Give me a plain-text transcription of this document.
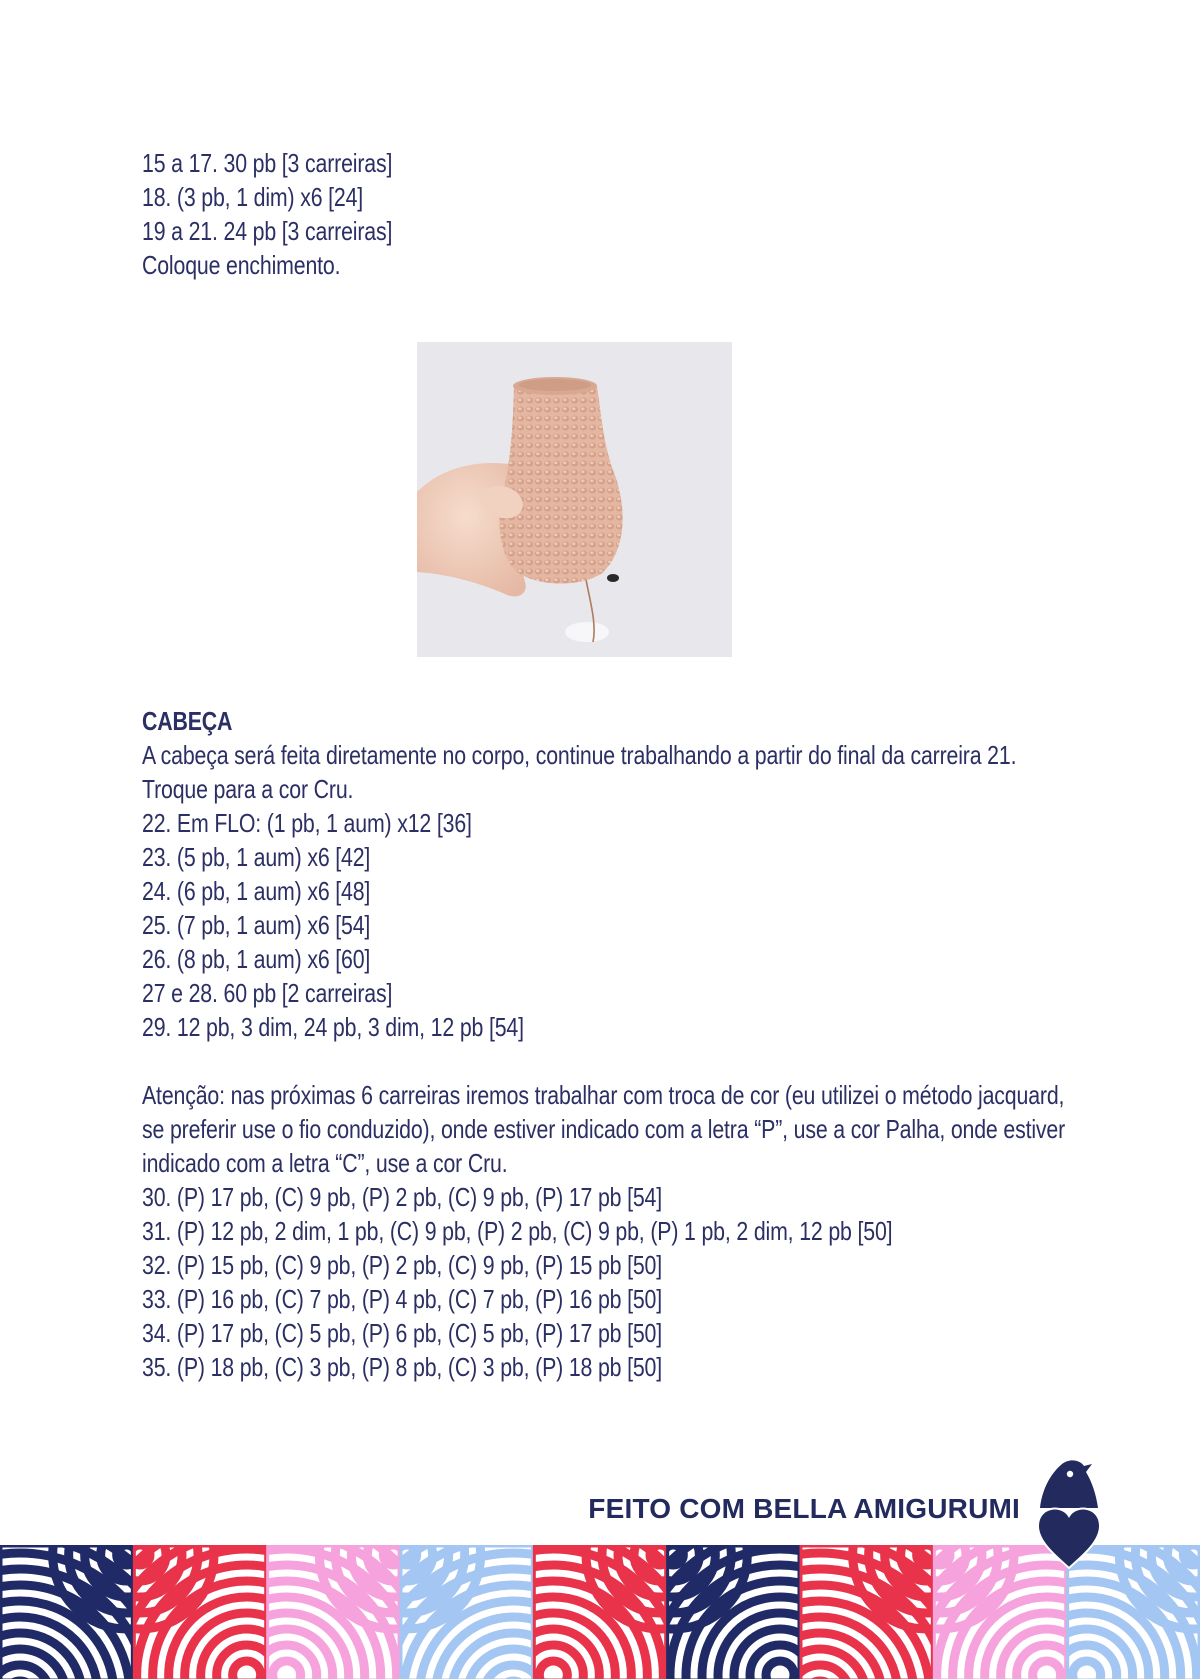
15 a 17. 30 pb [3 carreiras]
18. (3 pb, 1 dim) x6 [24]
19 a 21. 24 pb [3 carreiras]
Coloque enchimento.
CABEÇA
A cabeça será feita diretamente no corpo, continue trabalhando a partir do final da carreira 21.
Troque para a cor Cru.
22. Em FLO: (1 pb, 1 aum) x12 [36]
23. (5 pb, 1 aum) x6 [42]
24. (6 pb, 1 aum) x6 [48]
25. (7 pb, 1 aum) x6 [54]
26. (8 pb, 1 aum) x6 [60]
27 e 28. 60 pb [2 carreiras]
29. 12 pb, 3 dim, 24 pb, 3 dim, 12 pb [54]
Atenção: nas próximas 6 carreiras iremos trabalhar com troca de cor (eu utilizei o método jacquard,
se preferir use o fio conduzido), onde estiver indicado com a letra “P”, use a cor Palha, onde estiver
indicado com a letra “C”, use a cor Cru.
30. (P) 17 pb, (C) 9 pb, (P) 2 pb, (C) 9 pb, (P) 17 pb [54]
31. (P) 12 pb, 2 dim, 1 pb, (C) 9 pb, (P) 2 pb, (C) 9 pb, (P) 1 pb, 2 dim, 12 pb [50]
32. (P) 15 pb, (C) 9 pb, (P) 2 pb, (C) 9 pb, (P) 15 pb [50]
33. (P) 16 pb, (C) 7 pb, (P) 4 pb, (C) 7 pb, (P) 16 pb [50]
34. (P) 17 pb, (C) 5 pb, (P) 6 pb, (C) 5 pb, (P) 17 pb [50]
35. (P) 18 pb, (C) 3 pb, (P) 8 pb, (C) 3 pb, (P) 18 pb [50]
FEITO COM BELLA AMIGURUMI
